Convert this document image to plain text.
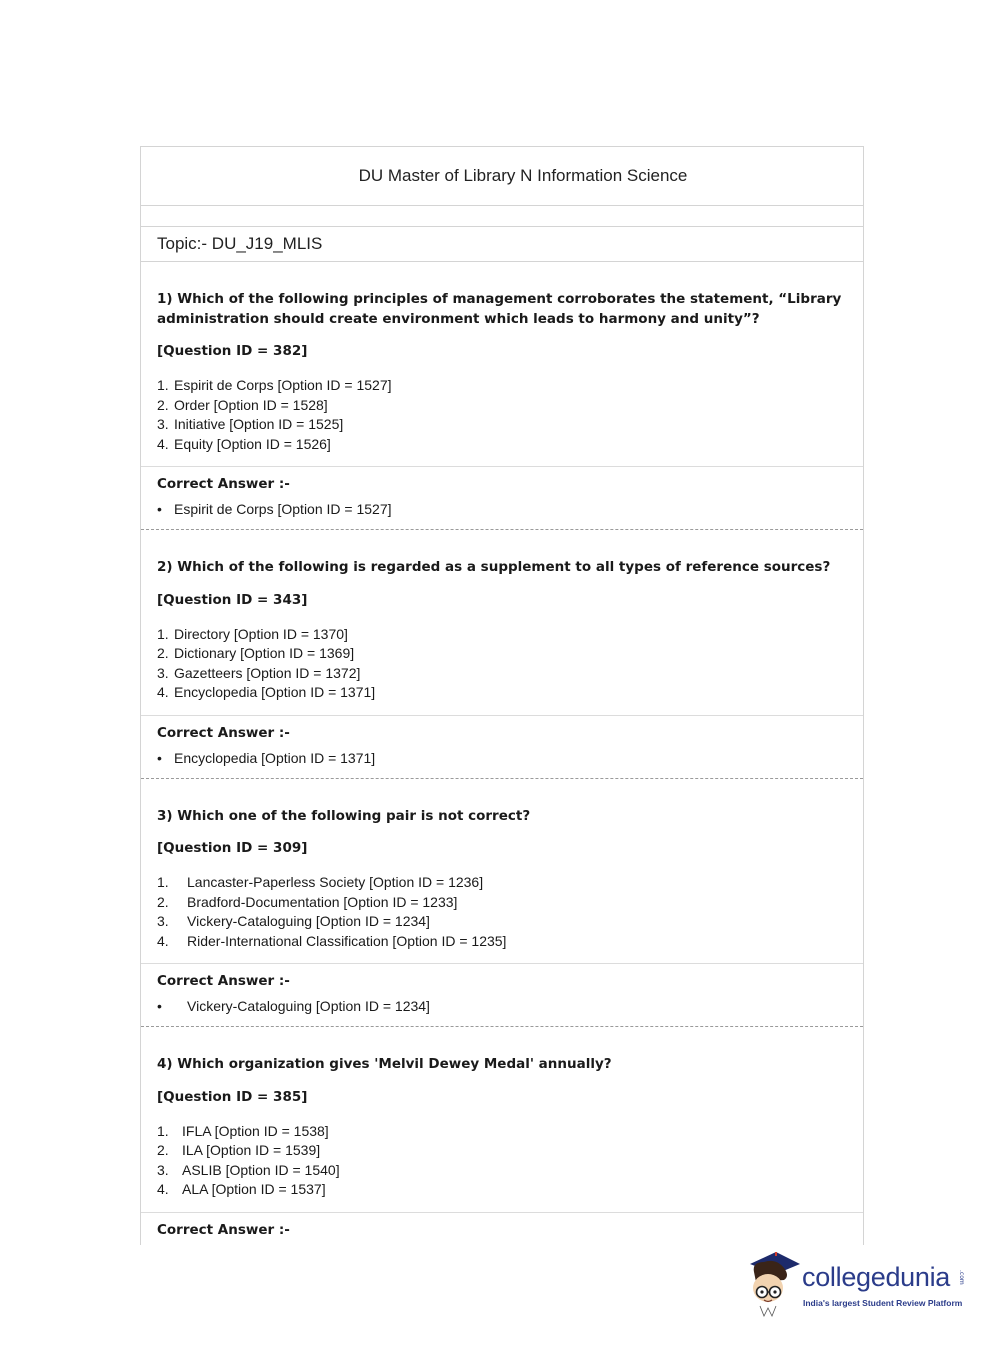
DU Master of Library N Information Science
Topic:- DU_J19_MLIS
1) Which of the following principles of management corroborates the statement, “Library administration should create environment which leads to harmony and unity”?
[Question ID = 382]
1. Espirit de Corps [Option ID = 1527]
2. Order [Option ID = 1528]
3. Initiative [Option ID = 1525]
4. Equity [Option ID = 1526]
Correct Answer :-
• Espirit de Corps [Option ID = 1527]
2) Which of the following is regarded as a supplement to all types of reference sources?
[Question ID = 343]
1. Directory [Option ID = 1370]
2. Dictionary [Option ID = 1369]
3. Gazetteers [Option ID = 1372]
4. Encyclopedia [Option ID = 1371]
Correct Answer :-
• Encyclopedia [Option ID = 1371]
3) Which one of the following pair is not correct?
[Question ID = 309]
1.	Lancaster-Paperless Society [Option ID = 1236]
2.	Bradford-Documentation [Option ID = 1233]
3.	Vickery-Cataloguing [Option ID = 1234]
4.	Rider-International Classification [Option ID = 1235]
Correct Answer :-
•	Vickery-Cataloguing [Option ID = 1234]
4) Which organization gives 'Melvil Dewey Medal' annually?
[Question ID = 385]
1. IFLA [Option ID = 1538]
2. ILA [Option ID = 1539]
3. ASLIB [Option ID = 1540]
4. ALA [Option ID = 1537]
Correct Answer :-
collegedunia .com
India's largest Student Review Platform
